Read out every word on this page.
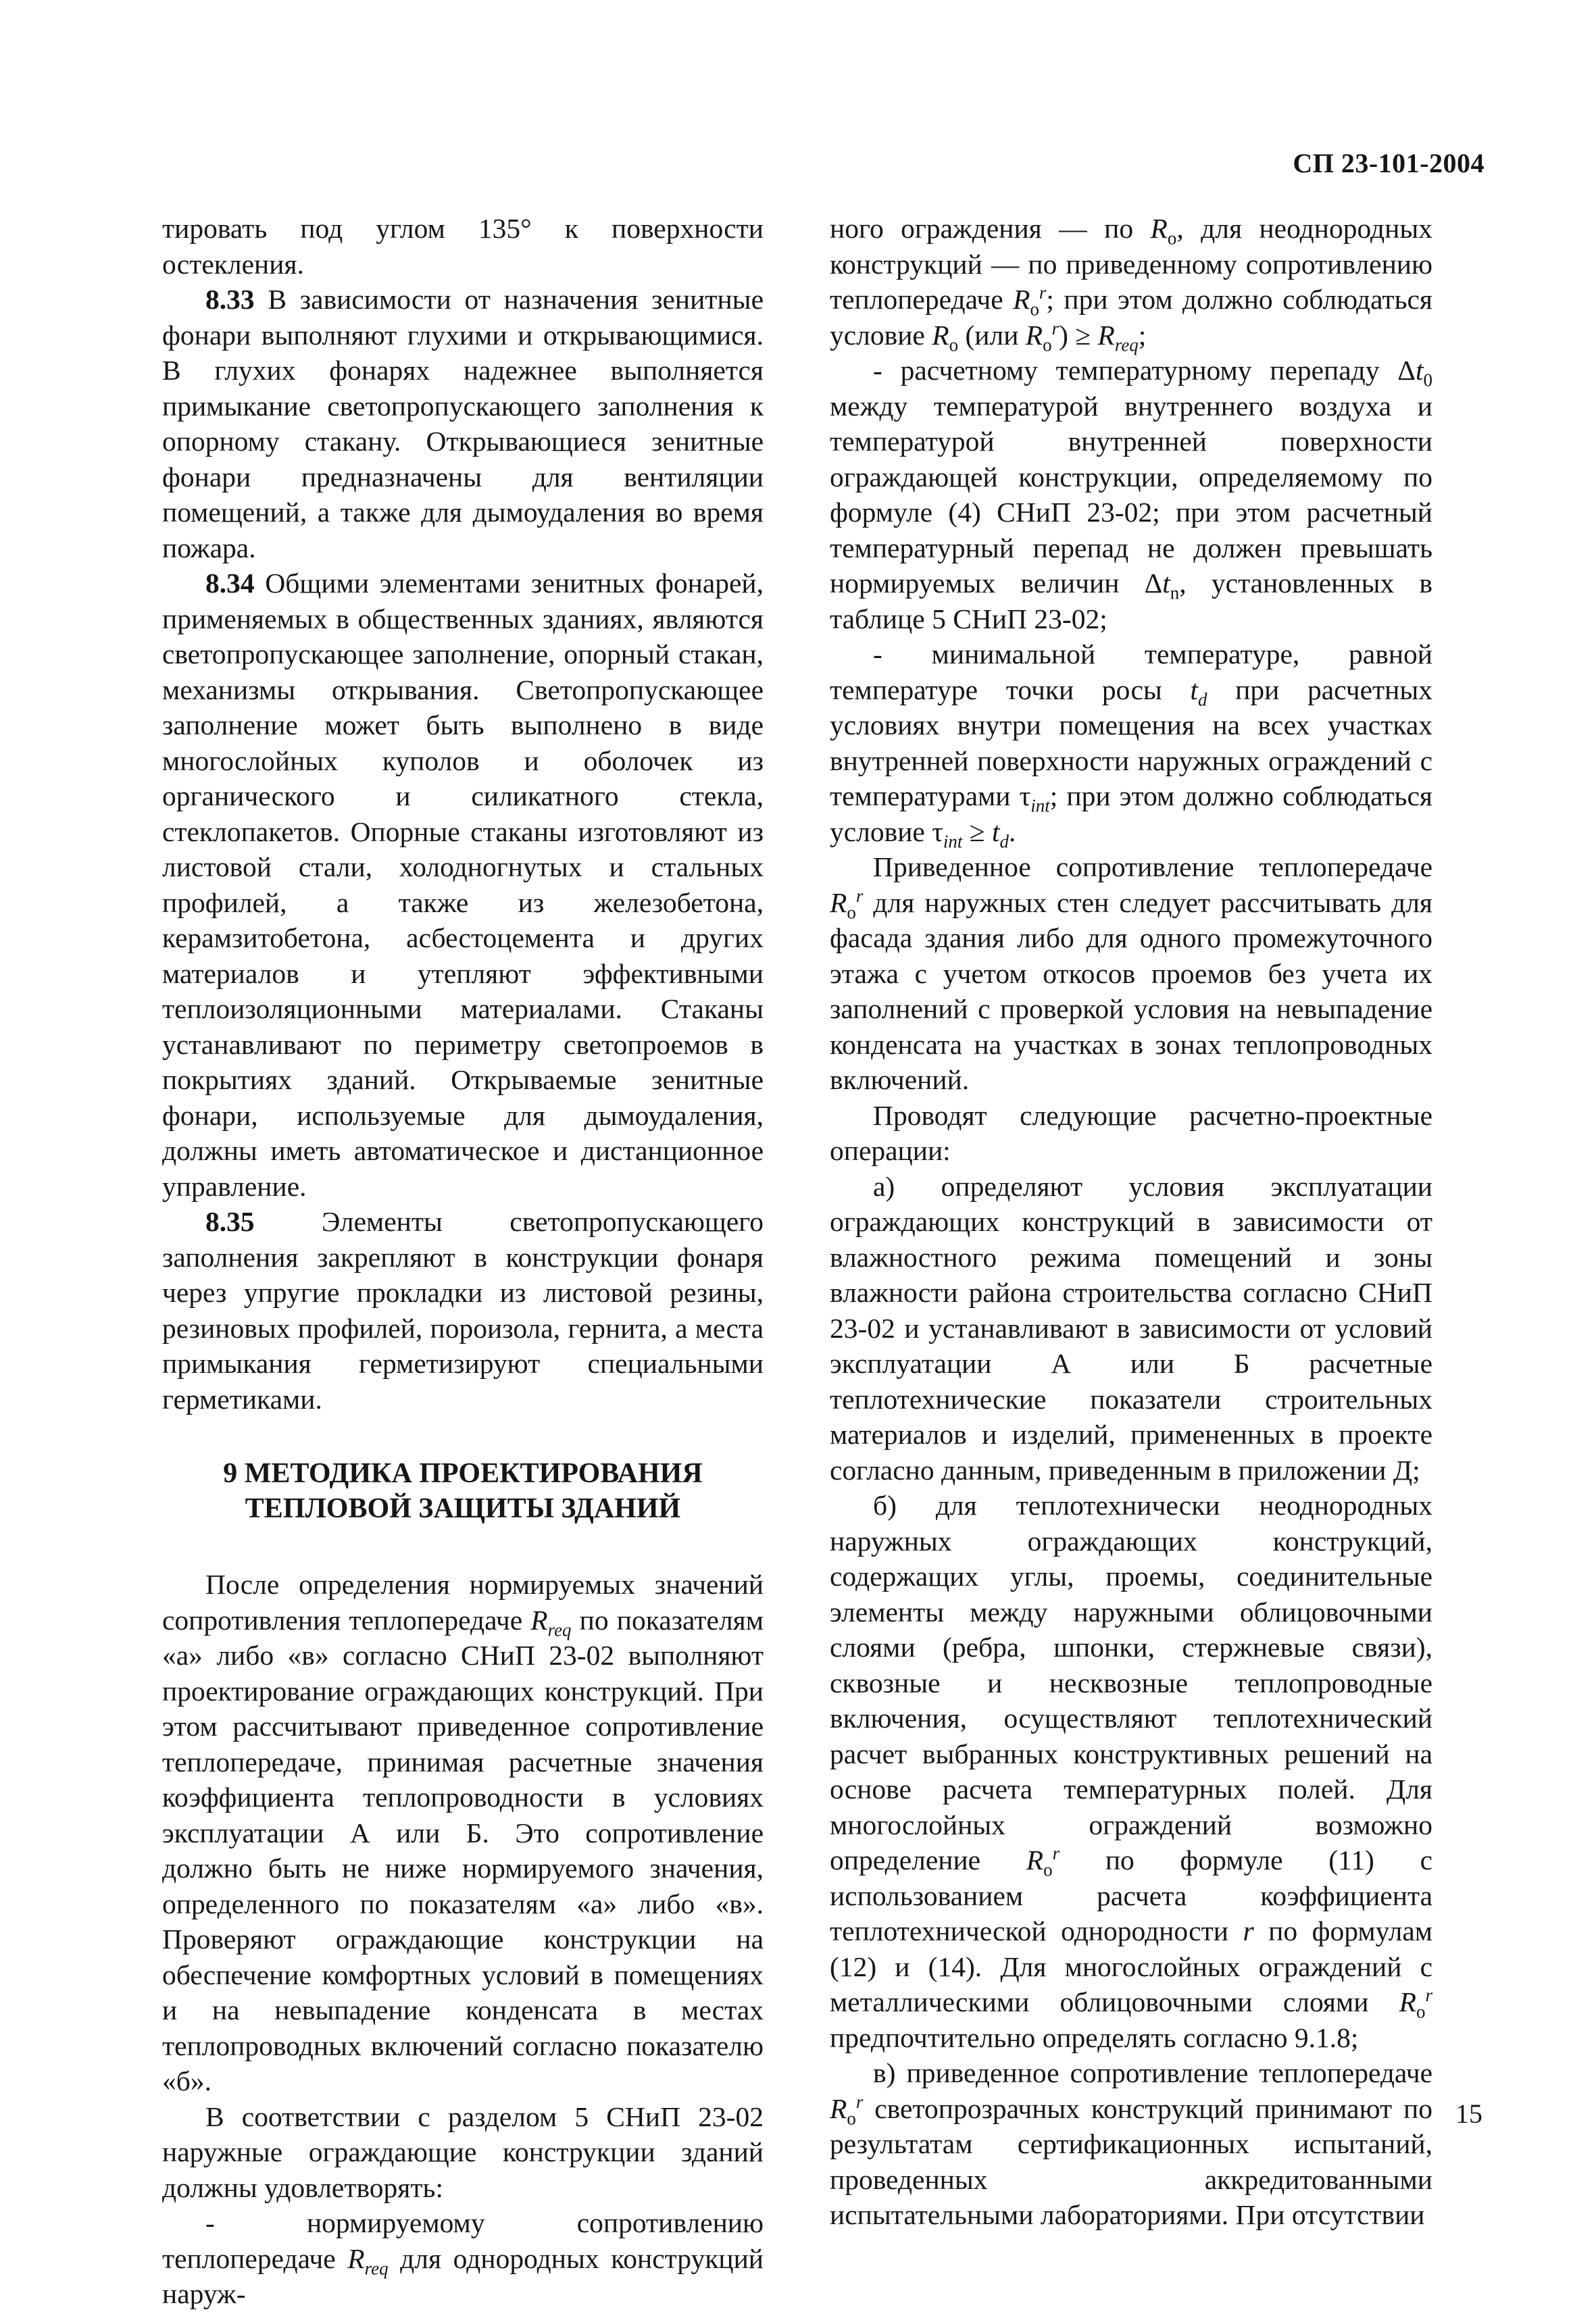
СП 23-101-2004

тировать под углом 135° к поверхности остекления.

8.33 В зависимости от назначения зенитные фонари выполняют глухими и открывающимися. В глухих фонарях надежнее выполняется примыкание светопропускающего заполнения к опорному стакану. Открывающиеся зенитные фонари предназначены для вентиляции помещений, а также для дымоудаления во время пожара.

8.34 Общими элементами зенитных фонарей, применяемых в общественных зданиях, являются светопропускающее заполнение, опорный стакан, механизмы открывания. Светопропускающее заполнение может быть выполнено в виде многослойных куполов и оболочек из органического и силикатного стекла, стеклопакетов. Опорные стаканы изготовляют из листовой стали, холодногнутых и стальных профилей, а также из железобетона, керамзитобетона, асбестоцемента и других материалов и утепляют эффективными теплоизоляционными материалами. Стаканы устанавливают по периметру светопроемов в покрытиях зданий. Открываемые зенитные фонари, используемые для дымоудаления, должны иметь автоматическое и дистанционное управление.

8.35 Элементы светопропускающего заполнения закрепляют в конструкции фонаря через упругие прокладки из листовой резины, резиновых профилей, пороизола, гернита, а места примыкания герметизируют специальными герметиками.

9 МЕТОДИКА ПРОЕКТИРОВАНИЯ
ТЕПЛОВОЙ ЗАЩИТЫ ЗДАНИЙ

После определения нормируемых значений сопротивления теплопередаче $R_{req}$ по показателям «а» либо «в» согласно СНиП 23-02 выполняют проектирование ограждающих конструкций. При этом рассчитывают приведенное сопротивление теплопередаче, принимая расчетные значения коэффициента теплопроводности в условиях эксплуатации А или Б. Это сопротивление должно быть не ниже нормируемого значения, определенного по показателям «а» либо «в». Проверяют ограждающие конструкции на обеспечение комфортных условий в помещениях и на невыпадение конденсата в местах теплопроводных включений согласно показателю «б».

В соответствии с разделом 5 СНиП 23-02 наружные ограждающие конструкции зданий должны удовлетворять:

- нормируемому сопротивлению теплопередаче $R_{req}$ для однородных конструкций наруж-

ного ограждения — по $R_o$, для неоднородных конструкций — по приведенному сопротивлению теплопередаче $R_o^r$; при этом должно соблюдаться условие $R_o$ (или $R_o^r) \ge R_{req}$;

- расчетному температурному перепаду $\Delta t_0$ между температурой внутреннего воздуха и температурой внутренней поверхности ограждающей конструкции, определяемому по формуле (4) СНиП 23-02; при этом расчетный температурный перепад не должен превышать нормируемых величин $\Delta t_n$, установленных в таблице 5 СНиП 23-02;

- минимальной температуре, равной температуре точки росы $t_d$ при расчетных условиях внутри помещения на всех участках внутренней поверхности наружных ограждений с температурами $\tau_{int}$; при этом должно соблюдаться условие $\tau_{int} \ge t_d$.

Приведенное сопротивление теплопередаче $R_o^r$ для наружных стен следует рассчитывать для фасада здания либо для одного промежуточного этажа с учетом откосов проемов без учета их заполнений с проверкой условия на невыпадение конденсата на участках в зонах теплопроводных включений.

Проводят следующие расчетно-проектные операции:

а) определяют условия эксплуатации ограждающих конструкций в зависимости от влажностного режима помещений и зоны влажности района строительства согласно СНиП 23-02 и устанавливают в зависимости от условий эксплуатации А или Б расчетные теплотехнические показатели строительных материалов и изделий, примененных в проекте согласно данным, приведенным в приложении Д;

б) для теплотехнически неоднородных наружных ограждающих конструкций, содержащих углы, проемы, соединительные элементы между наружными облицовочными слоями (ребра, шпонки, стержневые связи), сквозные и несквозные теплопроводные включения, осуществляют теплотехнический расчет выбранных конструктивных решений на основе расчета температурных полей. Для многослойных ограждений возможно определение $R_o^r$ по формуле (11) с использованием расчета коэффициента теплотехнической однородности r по формулам (12) и (14). Для многослойных ограждений с металлическими облицовочными слоями $R_o^r$ предпочтительно определять согласно 9.1.8;

в) приведенное сопротивление теплопередаче $R_o^r$ светопрозрачных конструкций принимают по результатам сертификационных испытаний, проведенных аккредитованными испытательными лабораториями. При отсутствии

15
